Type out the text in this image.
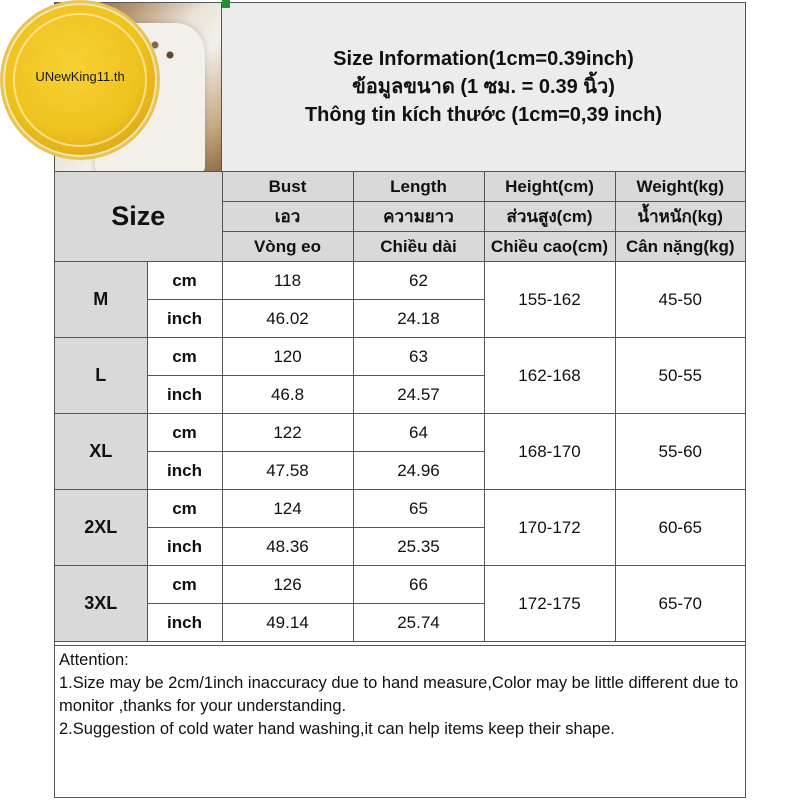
Size Information(1cm=0.39inch)
ข้อมูลขนาด (1 ซม. = 0.39 นิ้ว)
Thông tin kích thước (1cm=0,39 inch)
Size		Bust	Length	Height(cm)	Weight(kg)
		เอว	ความยาว	ส่วนสูง(cm)	น้ำหนัก(kg)
		Vòng eo	Chiều dài	Chiều cao(cm)	Cân nặng(kg)
M	cm	118	62	155-162	45-50
	inch	46.02	24.18		
L	cm	120	63	162-168	50-55
	inch	46.8	24.57		
XL	cm	122	64	168-170	55-60
	inch	47.58	24.96		
2XL	cm	124	65	170-172	60-65
	inch	48.36	25.35		
3XL	cm	126	66	172-175	65-70
	inch	49.14	25.74		
Attention:
1.Size may be 2cm/1inch inaccuracy due to hand measure,Color may be little different due to monitor ,thanks for your understanding.
2.Suggestion of cold water hand washing,it can help items keep their shape.
UNewKing11.th
